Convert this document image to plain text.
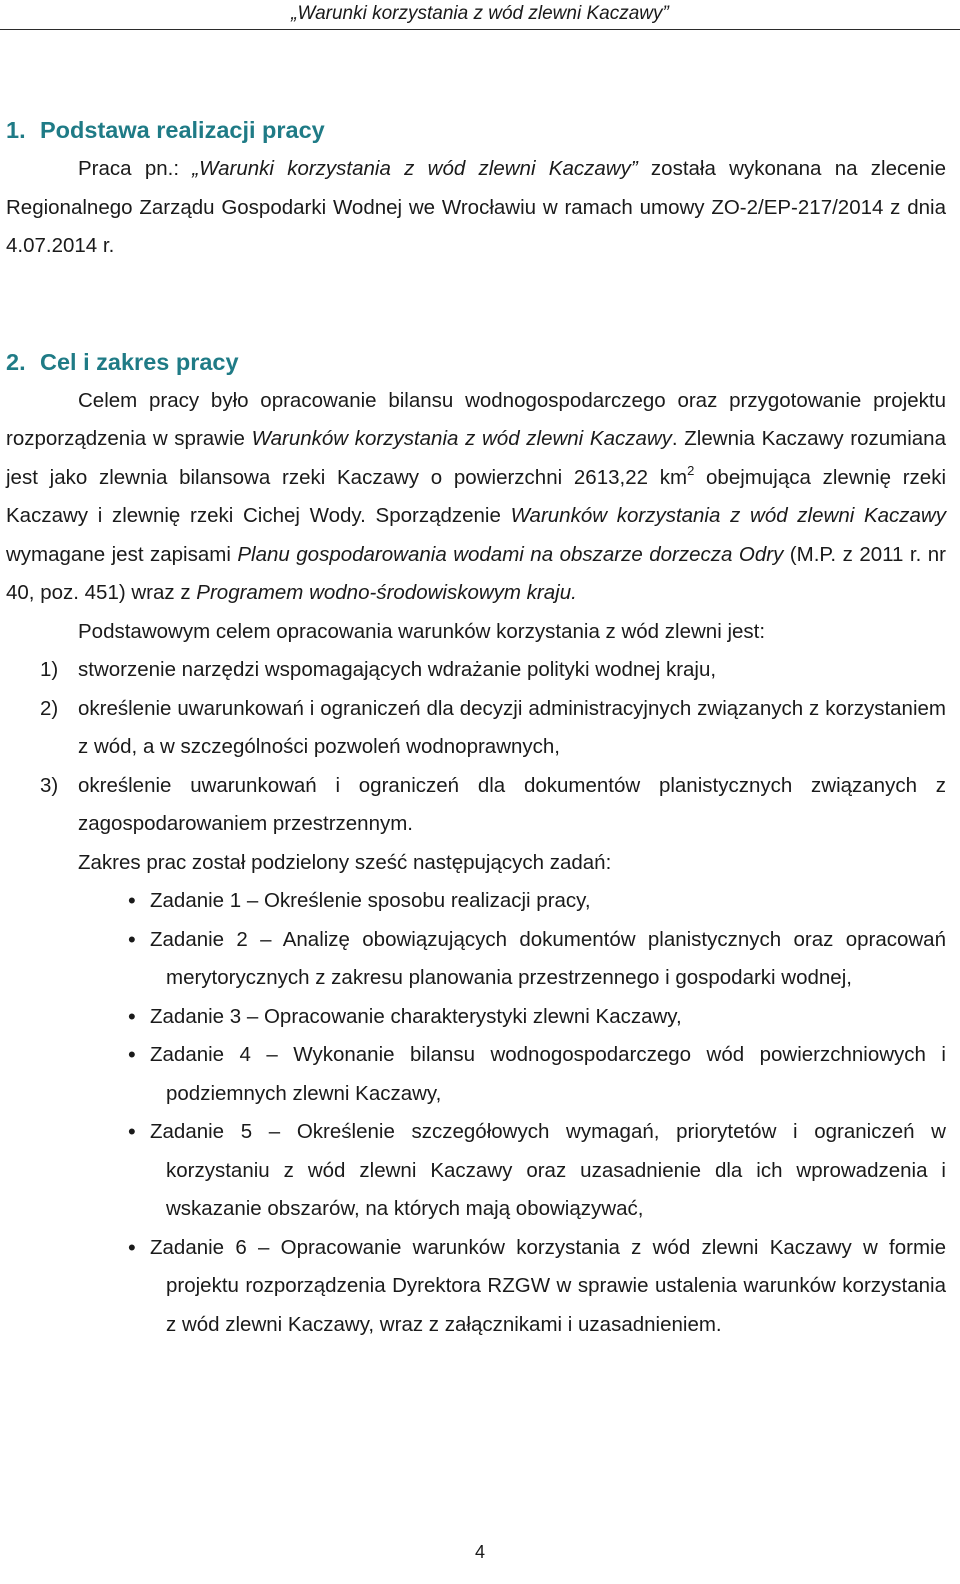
„Warunki korzystania z wód zlewni Kaczawy”
1. Podstawa realizacji pracy

Praca pn.: „Warunki korzystania z wód zlewni Kaczawy” została wykonana na zlecenie Regionalnego Zarządu Gospodarki Wodnej we Wrocławiu w ramach umowy ZO-2/EP-217/2014 z dnia 4.07.2014 r.

2. Cel i zakres pracy

Celem pracy było opracowanie bilansu wodnogospodarczego oraz przygotowanie projektu rozporządzenia w sprawie Warunków korzystania z wód zlewni Kaczawy. Zlewnia Kaczawy rozumiana jest jako zlewnia bilansowa rzeki Kaczawy o powierzchni 2613,22 $km^2$ obejmująca zlewnię rzeki Kaczawy i zlewnię rzeki Cichej Wody. Sporządzenie Warunków korzystania z wód zlewni Kaczawy wymagane jest zapisami Planu gospodarowania wodami na obszarze dorzecza Odry (M.P. z 2011 r. nr 40, poz. 451) wraz z Programem wodno-środowiskowym kraju.

Podstawowym celem opracowania warunków korzystania z wód zlewni jest:

1) stworzenie narzędzi wspomagających wdrażanie polityki wodnej kraju,
2) określenie uwarunkowań i ograniczeń dla decyzji administracyjnych związanych z korzystaniem z wód, a w szczególności pozwoleń wodnoprawnych,
3) określenie uwarunkowań i ograniczeń dla dokumentów planistycznych związanych z zagospodarowaniem przestrzennym.

Zakres prac został podzielony sześć następujących zadań:

• Zadanie 1 – Określenie sposobu realizacji pracy,
• Zadanie 2 – Analizę obowiązujących dokumentów planistycznych oraz opracowań merytorycznych z zakresu planowania przestrzennego i gospodarki wodnej,
• Zadanie 3 – Opracowanie charakterystyki zlewni Kaczawy,
• Zadanie 4 – Wykonanie bilansu wodnogospodarczego wód powierzchniowych i podziemnych zlewni Kaczawy,
• Zadanie 5 – Określenie szczegółowych wymagań, priorytetów i ograniczeń w korzystaniu z wód zlewni Kaczawy oraz uzasadnienie dla ich wprowadzenia i wskazanie obszarów, na których mają obowiązywać,
• Zadanie 6 – Opracowanie warunków korzystania z wód zlewni Kaczawy w formie projektu rozporządzenia Dyrektora RZGW w sprawie ustalenia warunków korzystania z wód zlewni Kaczawy, wraz z załącznikami i uzasadnieniem.
4
